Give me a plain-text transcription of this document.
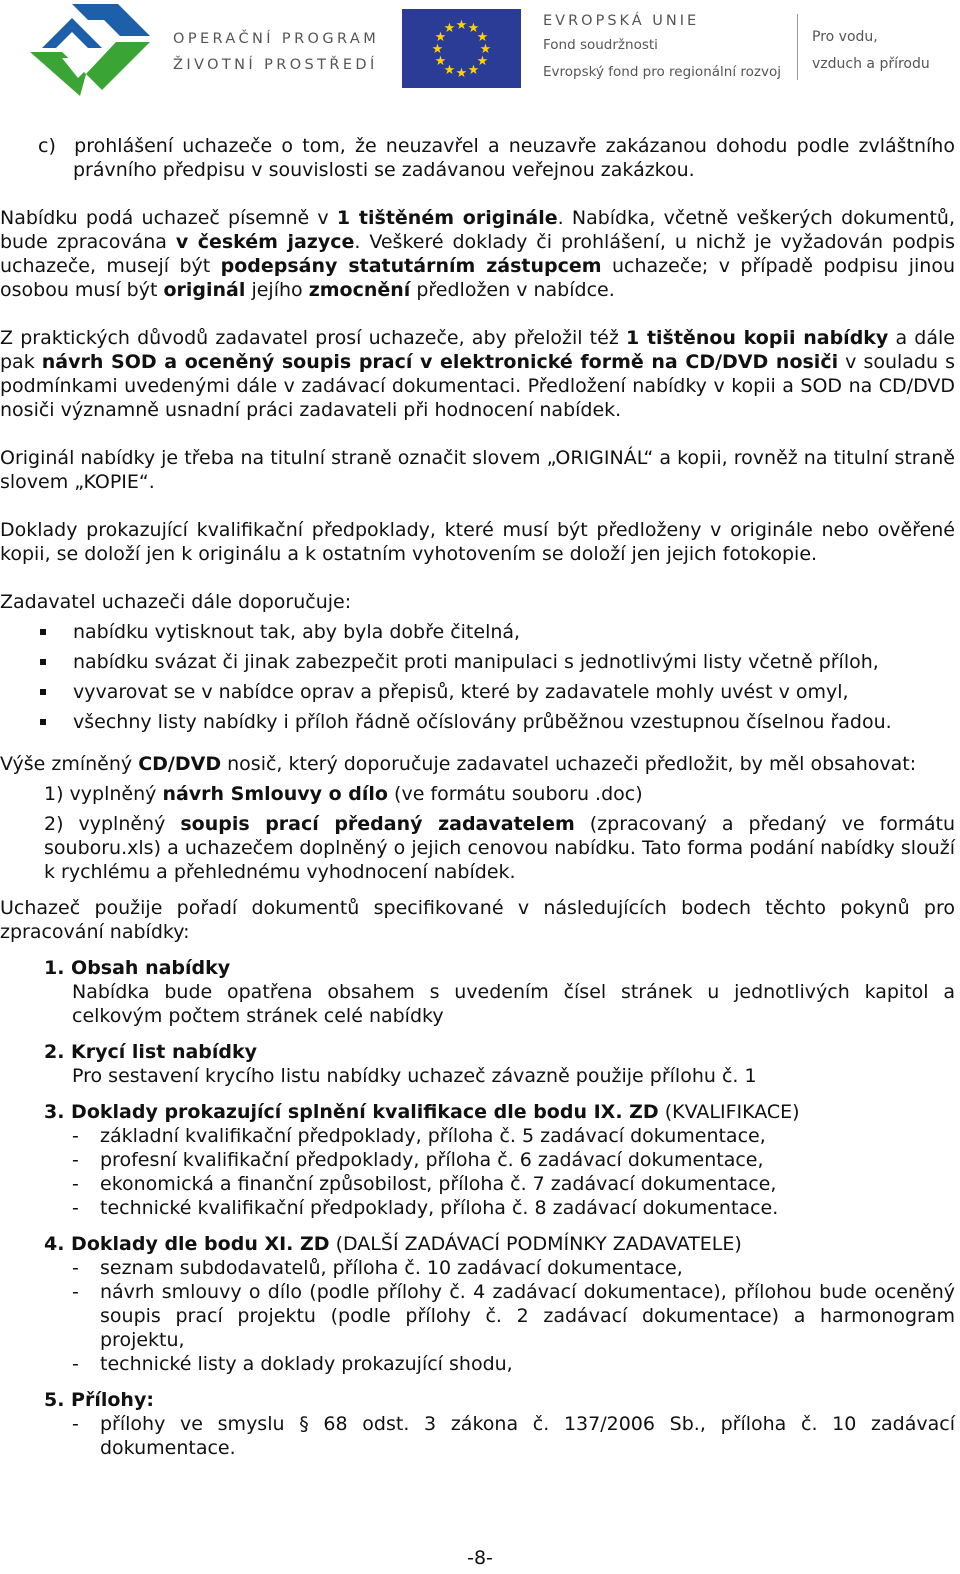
OPERAČNÍ PROGRAM
ŽIVOTNÍ PROSTŘEDÍ
★ ★
★
★
★
★
★
★
★
★
★
★	EVROPSKÁ UNIE
Fond soudržnosti
Evropský fond pro regionální rozvoj
Pro vodu,
vzduch a přírodu

c) prohlášení uchazeče o tom, že neuzavřel a neuzavře zakázanou dohodu podle zvláštního právního předpisu v souvislosti se zadávanou veřejnou zakázkou.

Nabídku podá uchazeč písemně v 1 tištěném originále. Nabídka, včetně veškerých dokumentů, bude zpracována v českém jazyce. Veškeré doklady či prohlášení, u nichž je vyžadován podpis uchazeče, musejí být podepsány statutárním zástupcem uchazeče; v případě podpisu jinou osobou musí být originál jejího zmocnění předložen v nabídce.

Z praktických důvodů zadavatel prosí uchazeče, aby přeložil též 1 tištěnou kopii nabídky a dále pak návrh SOD a oceněný soupis prací v elektronické formě na CD/DVD nosiči v souladu s podmínkami uvedenými dále v zadávací dokumentaci. Předložení nabídky v kopii a SOD na CD/DVD nosiči významně usnadní práci zadavateli při hodnocení nabídek.

Originál nabídky je třeba na titulní straně označit slovem „ORIGINÁL“ a kopii, rovněž na titulní straně slovem „KOPIE“.

Doklady prokazující kvalifikační předpoklady, které musí být předloženy v originále nebo ověřené kopii, se doloží jen k originálu a k ostatním vyhotovením se doloží jen jejich fotokopie.

Zadavatel uchazeči dále doporučuje:

nabídku vytisknout tak, aby byla dobře čitelná,
nabídku svázat či jinak zabezpečit proti manipulaci s jednotlivými listy včetně příloh,
vyvarovat se v nabídce oprav a přepisů, které by zadavatele mohly uvést v omyl,
všechny listy nabídky i příloh řádně očíslovány průběžnou vzestupnou číselnou řadou.

Výše zmíněný CD/DVD nosič, který doporučuje zadavatel uchazeči předložit, by měl obsahovat:

1) vyplněný návrh Smlouvy o dílo (ve formátu souboru .doc)

2) vyplněný soupis prací předaný zadavatelem (zpracovaný a předaný ve formátu souboru.xls) a uchazečem doplněný o jejich cenovou nabídku. Tato forma podání nabídky slouží k rychlému a přehlednému vyhodnocení nabídek.

Uchazeč použije pořadí dokumentů specifikované v následujících bodech těchto pokynů pro zpracování nabídky:

1. Obsah nabídky
Nabídka bude opatřena obsahem s uvedením čísel stránek u jednotlivých kapitol a celkovým počtem stránek celé nabídky
2. Krycí list nabídky
Pro sestavení krycího listu nabídky uchazeč závazně použije přílohu č. 1
3. Doklady prokazující splnění kvalifikace dle bodu IX. ZD (KVALIFIKACE)
- základní kvalifikační předpoklady, příloha č. 5 zadávací dokumentace,
- profesní kvalifikační předpoklady, příloha č. 6 zadávací dokumentace,
- ekonomická a finanční způsobilost, příloha č. 7 zadávací dokumentace,
- technické kvalifikační předpoklady, příloha č. 8 zadávací dokumentace.
4. Doklady dle bodu XI. ZD (DALŠÍ ZADÁVACÍ PODMÍNKY ZADAVATELE)
- seznam subdodavatelů, příloha č. 10 zadávací dokumentace,
- návrh smlouvy o dílo (podle přílohy č. 4 zadávací dokumentace), přílohou bude oceněný soupis prací projektu (podle přílohy č. 2 zadávací dokumentace) a harmonogram projektu,
- technické listy a doklady prokazující shodu,
5. Přílohy:
- přílohy ve smyslu § 68 odst. 3 zákona č. 137/2006 Sb., příloha č. 10 zadávací dokumentace.
-8-
